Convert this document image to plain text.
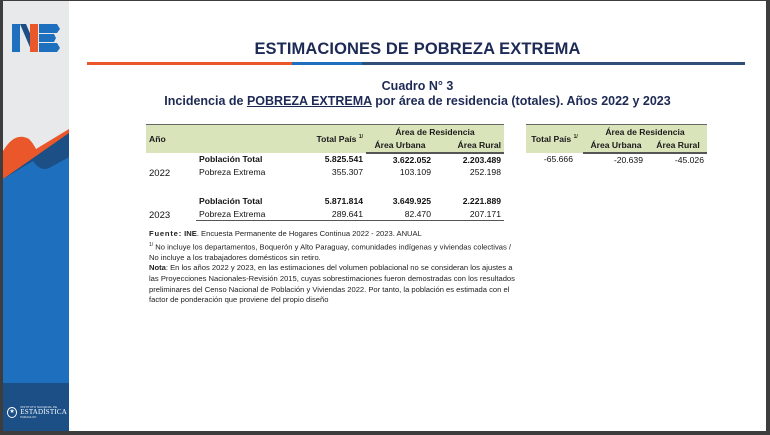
★
INSTITUTO NACIONAL DE
ESTADÍSTICA
PARAGUAY
ESTIMACIONES DE POBREZA EXTREMA
Cuadro N° 3
Incidencia de POBREZA EXTREMA por área de residencia (totales). Años 2022 y 2023
Año		Total País $^{1/}$	Área de Residencia	
			Área Urbana	Área Rural
2022	Población Total	5.825.541	3.622.052	2.203.489
	Pobreza Extrema	355.307	103.109	252.198

2023	Población Total	5.871.814	3.649.925	2.221.889
	Pobreza Extrema	289.641	82.470	207.171
Total País $^{1/}$	Área de Residencia	
	Área Urbana	Área Rural
-65.666	-20.639	-45.026

Fuente: INE. Encuesta Permanente de Hogares Continua 2022 - 2023. ANUAL

$^{1/}$ No incluye los departamentos, Boquerón y Alto Paraguay, comunidades indígenas y viviendas colectivas / No incluye a los trabajadores domésticos sin retiro.

Nota: En los años 2022 y 2023, en las estimaciones del volumen poblacional no se consideran los ajustes a las Proyecciones Nacionales-Revisión 2015, cuyas sobrestimaciones fueron demostradas con los resultados preliminares del Censo Nacional de Población y Viviendas 2022. Por tanto, la población es estimada con el factor de ponderación que proviene del propio diseño
